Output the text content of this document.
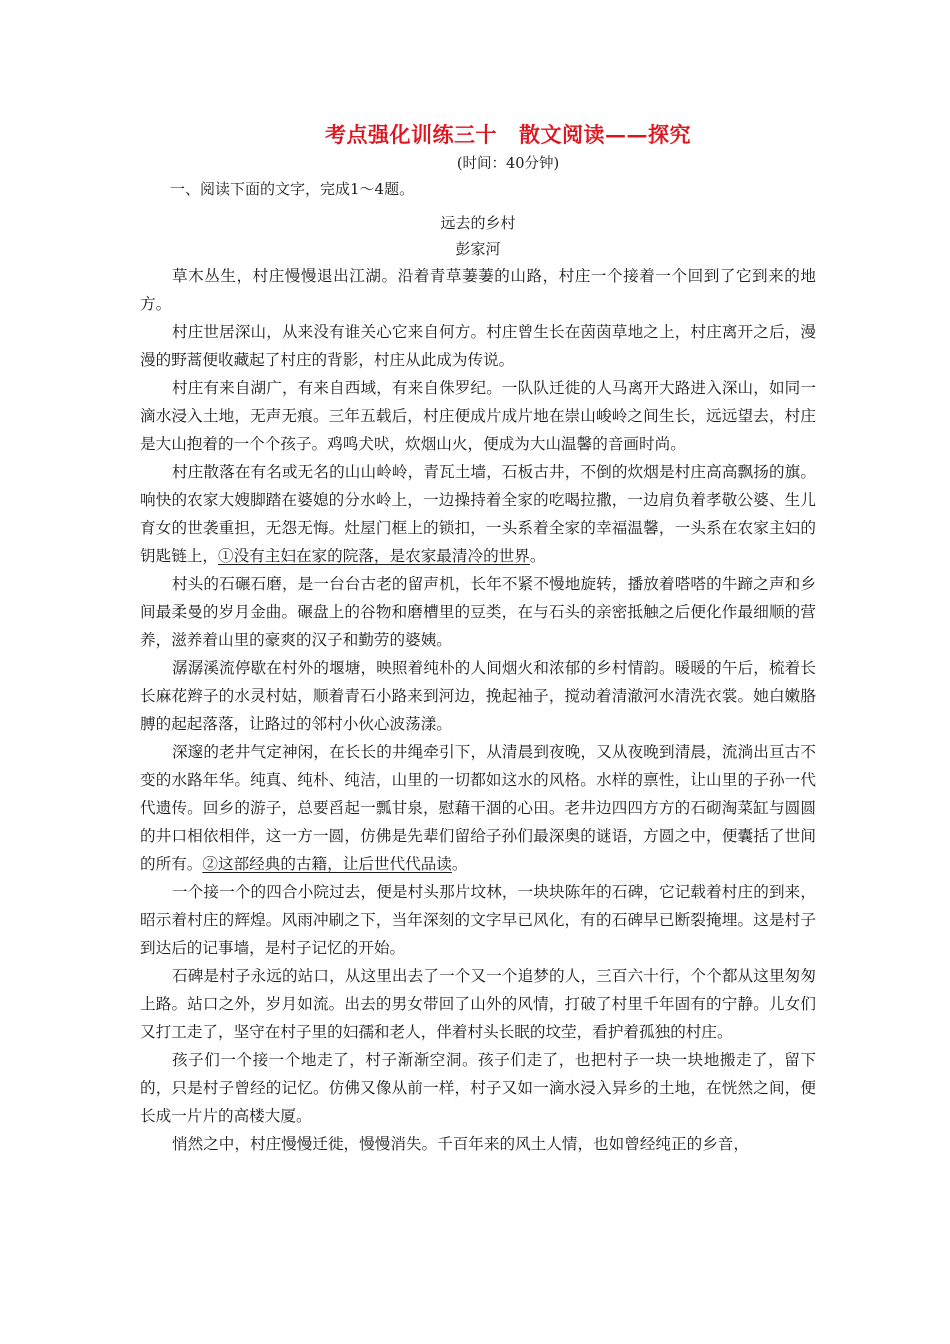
考点强化训练三十 散文阅读——探究
(时间：40分钟)
一、阅读下面的文字，完成1～4题。
远去的乡村
彭家河

草木丛生，村庄慢慢退出江湖。沿着青草萋萋的山路，村庄一个接着一个回到了它到来的地方。

村庄世居深山，从来没有谁关心它来自何方。村庄曾生长在茵茵草地之上，村庄离开之后，漫漫的野蒿便收藏起了村庄的背影，村庄从此成为传说。

村庄有来自湖广，有来自西域，有来自侏罗纪。一队队迁徙的人马离开大路进入深山，如同一滴水浸入土地，无声无痕。三年五载后，村庄便成片成片地在崇山峻岭之间生长，远远望去，村庄是大山抱着的一个个孩子。鸡鸣犬吠，炊烟山火，便成为大山温馨的音画时尚。

村庄散落在有名或无名的山山岭岭，青瓦土墙，石板古井，不倒的炊烟是村庄高高飘扬的旗。响快的农家大嫂脚踏在婆媳的分水岭上，一边操持着全家的吃喝拉撒，一边肩负着孝敬公婆、生儿育女的世袭重担，无怨无悔。灶屋门框上的锁扣，一头系着全家的幸福温馨，一头系在农家主妇的钥匙链上，①没有主妇在家的院落，是农家最清冷的世界。

村头的石碾石磨，是一台台古老的留声机，长年不紧不慢地旋转，播放着嗒嗒的牛蹄之声和乡间最柔曼的岁月金曲。碾盘上的谷物和磨槽里的豆类，在与石头的亲密抵触之后便化作最细顺的营养，滋养着山里的豪爽的汉子和勤劳的婆姨。

潺潺溪流停歇在村外的堰塘，映照着纯朴的人间烟火和浓郁的乡村情韵。暖暖的午后，梳着长长麻花辫子的水灵村姑，顺着青石小路来到河边，挽起袖子，搅动着清澈河水清洗衣裳。她白嫩胳膊的起起落落，让路过的邻村小伙心波荡漾。

深邃的老井气定神闲，在长长的井绳牵引下，从清晨到夜晚，又从夜晚到清晨，流淌出亘古不变的水路年华。纯真、纯朴、纯洁，山里的一切都如这水的风格。水样的禀性，让山里的子孙一代代遗传。回乡的游子，总要舀起一瓢甘泉，慰藉干涸的心田。老井边四四方方的石砌淘菜缸与圆圆的井口相依相伴，这一方一圆，仿佛是先辈们留给子孙们最深奥的谜语，方圆之中，便囊括了世间的所有。②这部经典的古籍，让后世代代品读。

一个接一个的四合小院过去，便是村头那片坟林，一块块陈年的石碑，它记载着村庄的到来，昭示着村庄的辉煌。风雨冲刷之下，当年深刻的文字早已风化，有的石碑早已断裂掩埋。这是村子到达后的记事墙，是村子记忆的开始。

石碑是村子永远的站口，从这里出去了一个又一个追梦的人，三百六十行，个个都从这里匆匆上路。站口之外，岁月如流。出去的男女带回了山外的风情，打破了村里千年固有的宁静。儿女们又打工走了，坚守在村子里的妇孺和老人，伴着村头长眠的坟茔，看护着孤独的村庄。

孩子们一个接一个地走了，村子渐渐空洞。孩子们走了，也把村子一块一块地搬走了，留下的，只是村子曾经的记忆。仿佛又像从前一样，村子又如一滴水浸入异乡的土地，在恍然之间，便长成一片片的高楼大厦。

悄然之中，村庄慢慢迁徙，慢慢消失。千百年来的风土人情，也如曾经纯正的乡音，
